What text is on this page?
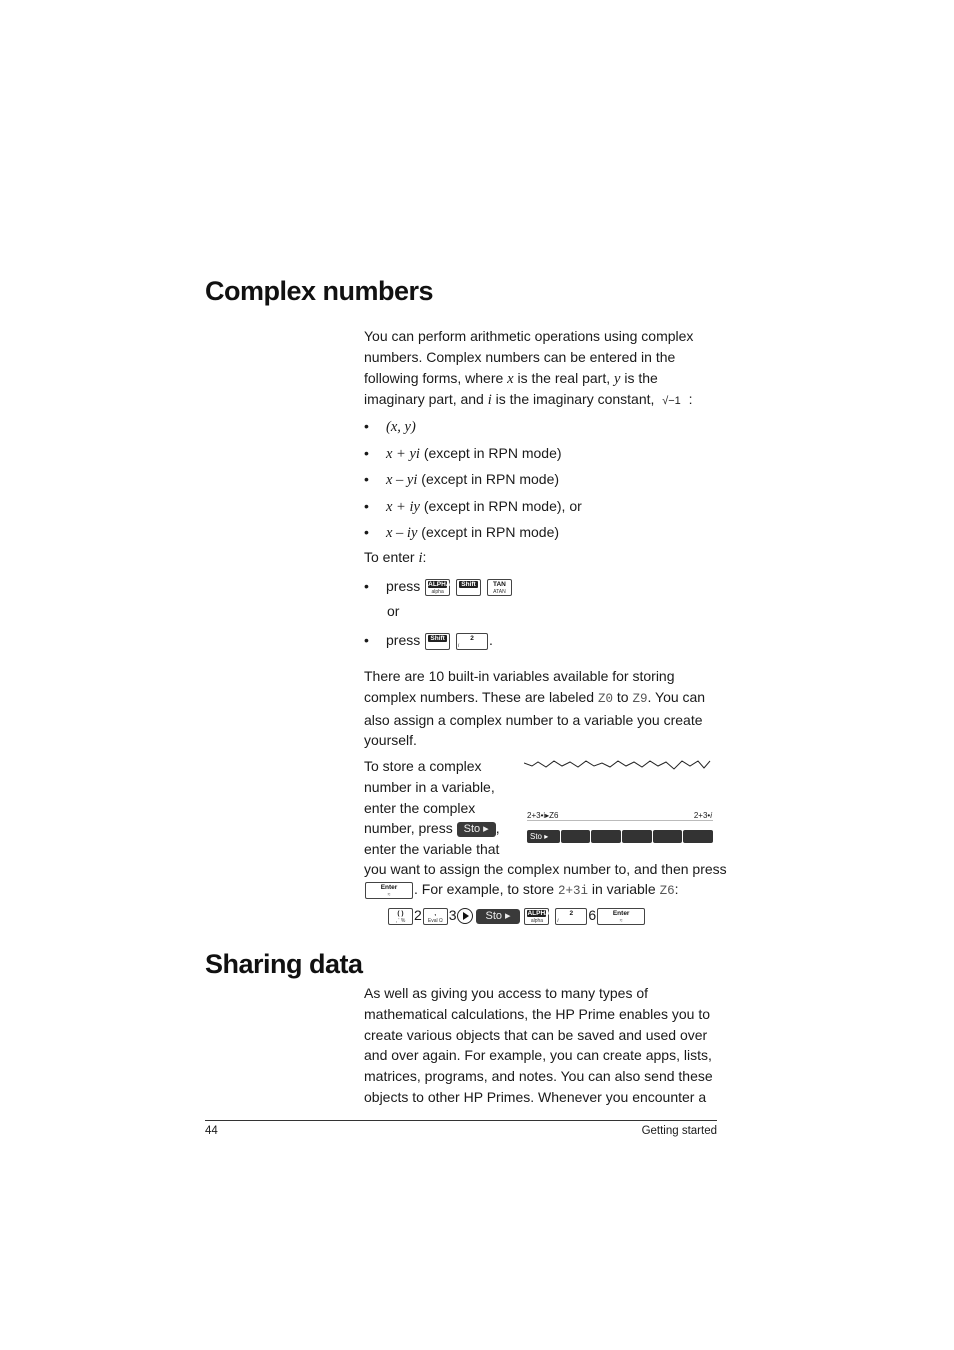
Complex numbers

You can perform arithmetic operations using complex numbers. Complex numbers can be entered in the following forms, where x is the real part, y is the imaginary part, and i is the imaginary constant, √−1 :

• (x, y)
• x + yi (except in RPN mode)
• x – yi (except in RPN mode)
• x + iy (except in RPN mode), or
• x – iy (except in RPN mode)
To enter i:
• press ALPHA
alpha

Shift
	TAN
ATAN
or
• press	Shift
	2
i	.

There are 10 built-in variables available for storing complex numbers. These are labeled Z0 to Z9. You can also assign a complex number to a variable you create yourself.

To store a complex
number in a variable,
enter the complex
number, press Sto ▸ ,
enter the variable that
2+3•i▸Z6	2+3•i
Sto ▸
you want to assign the complex number to, and then press
Enter
≈	. For example, to store 2+3i in variable Z6:
( )
, ‘ % 2	‚
Eval Ω 3	Sto ▸	ALPHA
alpha

2
i	6	Enter
≈
Sharing data

As well as giving you access to many types of mathematical calculations, the HP Prime enables you to create various objects that can be saved and used over and over again. For example, you can create apps, lists, matrices, programs, and notes. You can also send these objects to other HP Primes. Whenever you encounter a

44	Getting started
